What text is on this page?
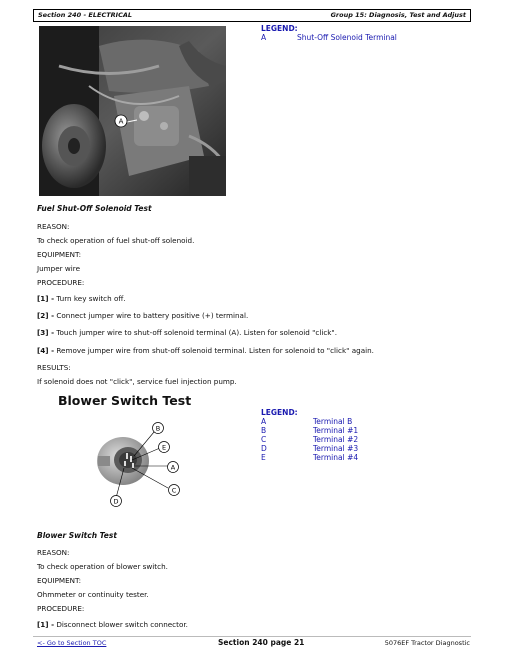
Section 240 - ELECTRICAL	Group 15: Diagnosis, Test and Adjust
A
LEGEND:
A	Shut-Off Solenoid Terminal
Fuel Shut-Off Solenoid Test
REASON:
To check operation of fuel shut-off solenoid.
EQUIPMENT:
Jumper wire
PROCEDURE:
[1] - Turn key switch off.
[2] - Connect jumper wire to battery positive (+) terminal.
[3] - Touch jumper wire to shut-off solenoid terminal (A). Listen for solenoid "click".
[4] - Remove jumper wire from shut-off solenoid terminal. Listen for solenoid to "click" again.
RESULTS:
If solenoid does not "click", service fuel injection pump.
Blower Switch Test
B
E
A
C
D
LEGEND:
A	Terminal B
B	Terminal #1
C	Terminal #2
D	Terminal #3
E	Terminal #4
Blower Switch Test
REASON:
To check operation of blower switch.
EQUIPMENT:
Ohmmeter or continuity tester.
PROCEDURE:
[1] - Disconnect blower switch connector.
<- Go to Section TOC	Section 240 page 21	5076EF Tractor Diagnostic
